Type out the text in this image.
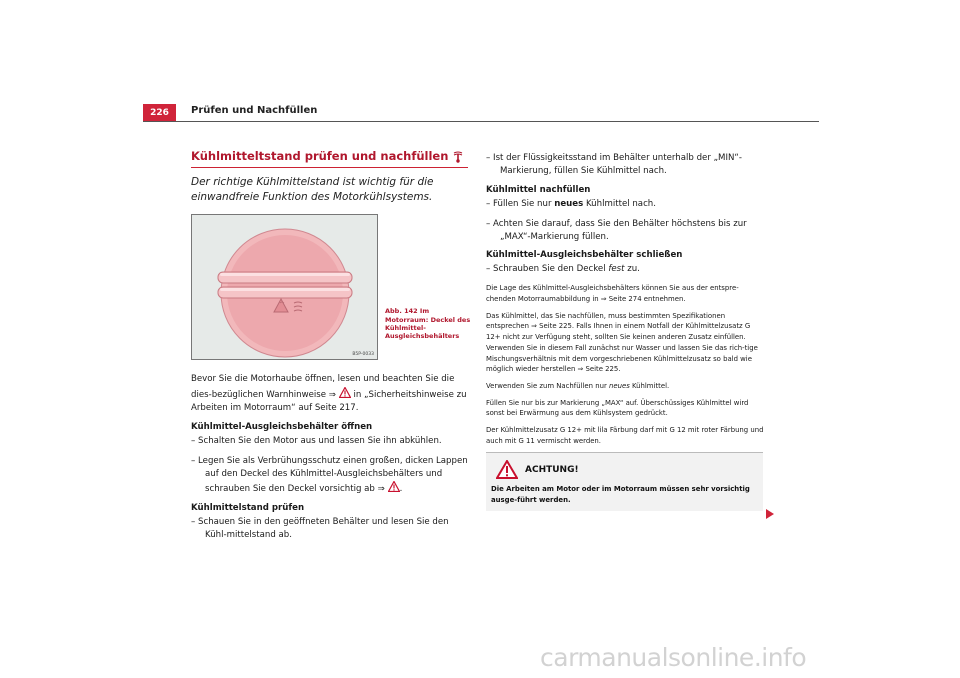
226	Prüfen und Nachfüllen
Kühlmitteltstand prüfen und nachfüllen

Der richtige Kühlmittelstand ist wichtig für die einwandfreie Funktion des Motorkühlsystems.

B5P-0033
Abb. 142 Im Motorraum: Deckel des Kühlmittel-Ausgleichsbehälters

Bevor Sie die Motorhaube öffnen, lesen und beachten Sie die dies-bezüglichen Warnhinweise ⇒  in „Sicherheitshinweise zu Arbeiten im Motorraum“ auf Seite 217.

Kühlmittel-Ausgleichsbehälter öffnen
– Schalten Sie den Motor aus und lassen Sie ihn abkühlen.
– Legen Sie als Verbrühungsschutz einen großen, dicken Lappen auf den Deckel des Kühlmittel-Ausgleichsbehälters und schrauben Sie den Deckel vorsichtig ab ⇒ .
Kühlmittelstand prüfen
– Schauen Sie in den geöffneten Behälter und lesen Sie den Kühl-mittelstand ab.
– Ist der Flüssigkeitsstand im Behälter unterhalb der „MIN“-Markierung, füllen Sie Kühlmittel nach.
Kühlmittel nachfüllen
– Füllen Sie nur neues Kühlmittel nach.
– Achten Sie darauf, dass Sie den Behälter höchstens bis zur „MAX“-Markierung füllen.
Kühlmittel-Ausgleichsbehälter schließen
– Schrauben Sie den Deckel fest zu.

Die Lage des Kühlmittel-Ausgleichsbehälters können Sie aus der entspre-chenden Motorraumabbildung in ⇒ Seite 274 entnehmen.

Das Kühlmittel, das Sie nachfüllen, muss bestimmten Spezifikationen entsprechen ⇒ Seite 225. Falls Ihnen in einem Notfall der Kühlmittelzusatz G 12+ nicht zur Verfügung steht, sollten Sie keinen anderen Zusatz einfüllen. Verwenden Sie in diesem Fall zunächst nur Wasser und lassen Sie das rich-tige Mischungsverhältnis mit dem vorgeschriebenen Kühlmittelzusatz so bald wie möglich wieder herstellen ⇒ Seite 225.

Verwenden Sie zum Nachfüllen nur neues Kühlmittel.

Füllen Sie nur bis zur Markierung „MAX“ auf. Überschüssiges Kühlmittel wird sonst bei Erwärmung aus dem Kühlsystem gedrückt.

Der Kühlmittelzusatz G 12+ mit lila Färbung darf mit G 12 mit roter Färbung und auch mit G 11 vermischt werden.

ACHTUNG!
Die Arbeiten am Motor oder im Motorraum müssen sehr vorsichtig ausge-führt werden.
carmanualsonline.info
